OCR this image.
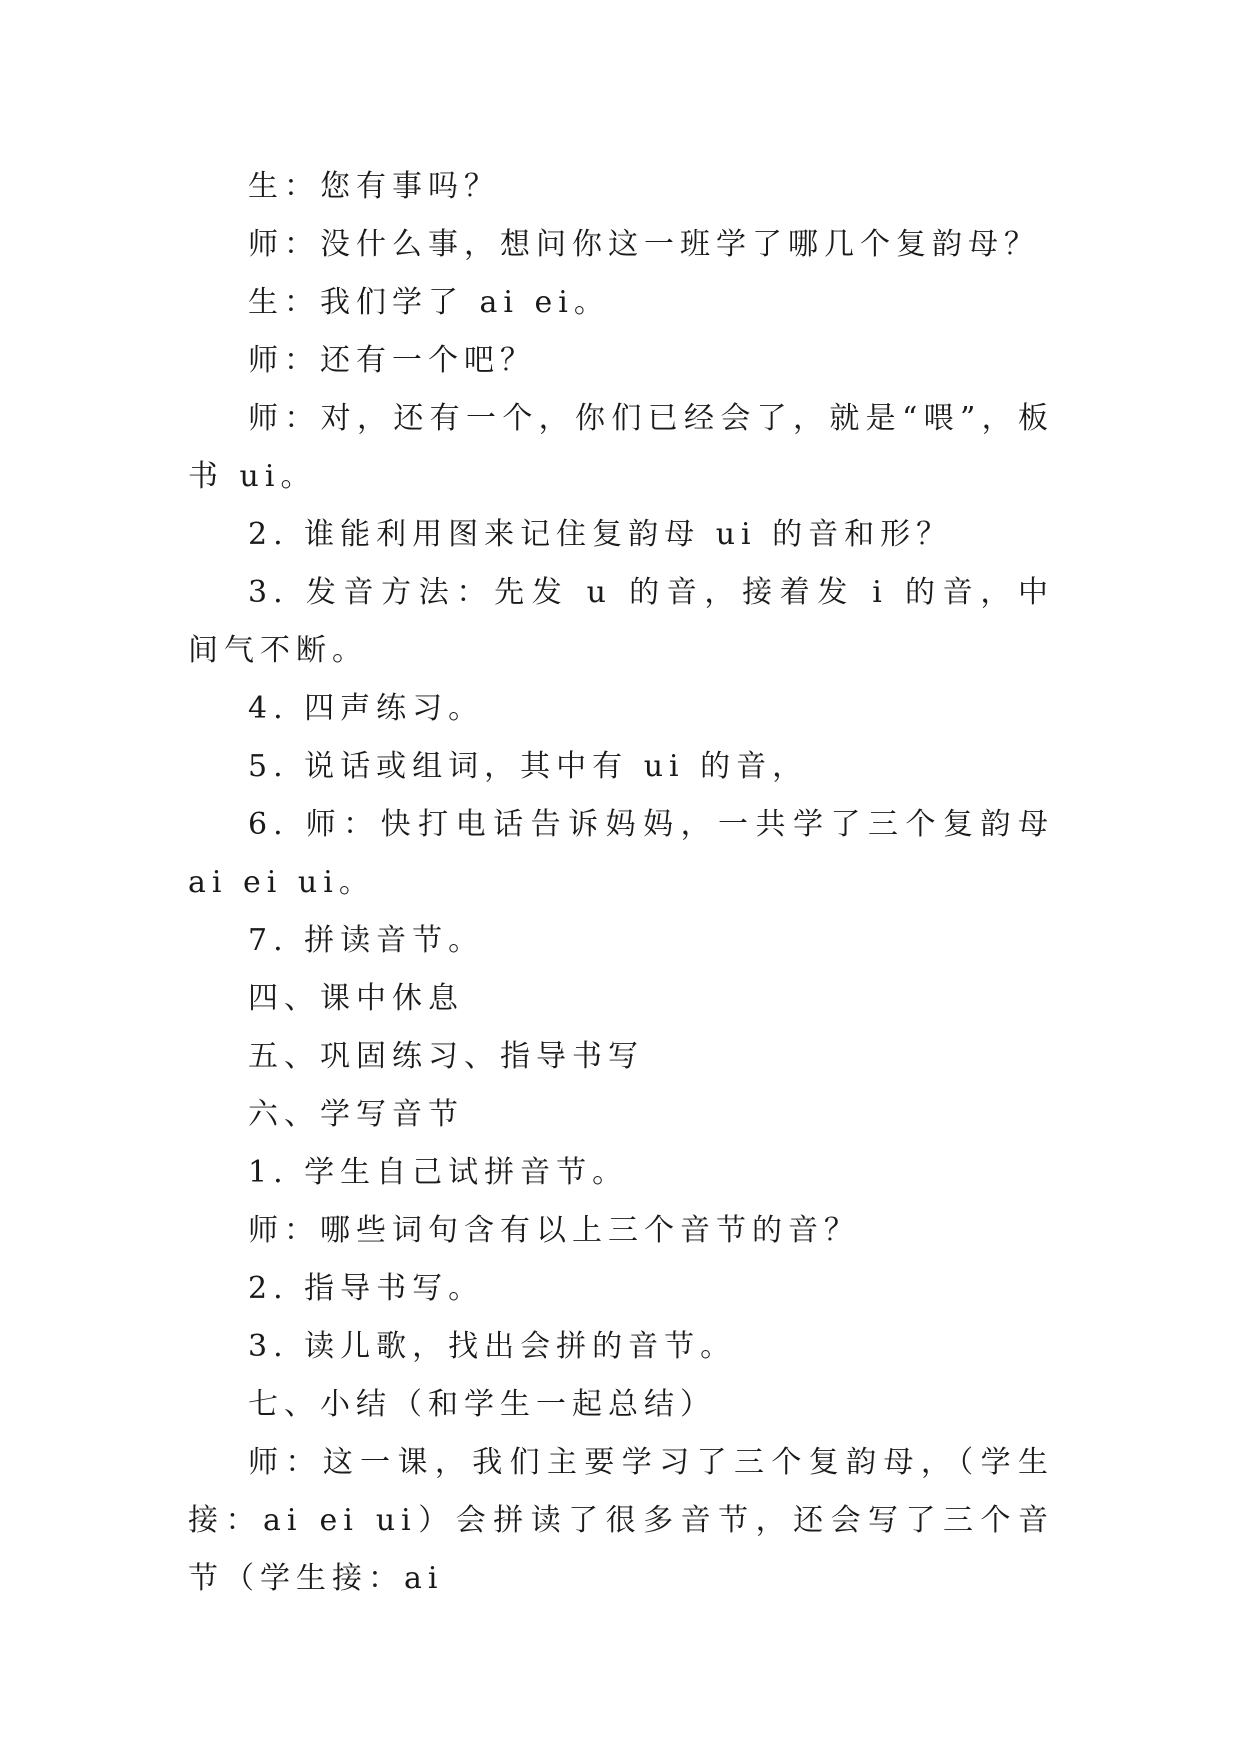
生：您有事吗？

师：没什么事，想问你这一班学了哪几个复韵母？

生：我们学了 ai ei。

师：还有一个吧？

师：对，还有一个，你们已经会了，就是“喂”，板书 ui。

2. 谁能利用图来记住复韵母 ui 的音和形？

3. 发音方法：先发 u 的音，接着发 i 的音，中间气不断。

4. 四声练习。

5. 说话或组词，其中有 ui 的音，

6. 师：快打电话告诉妈妈，一共学了三个复韵母 ai ei ui。

7. 拼读音节。

四、课中休息

五、巩固练习、指导书写

六、学写音节

1. 学生自己试拼音节。

师：哪些词句含有以上三个音节的音？

2. 指导书写。

3. 读儿歌，找出会拼的音节。

七、小结（和学生一起总结）

师：这一课，我们主要学习了三个复韵母，（学生接：ai ei ui）会拼读了很多音节，还会写了三个音节（学生接：ai
